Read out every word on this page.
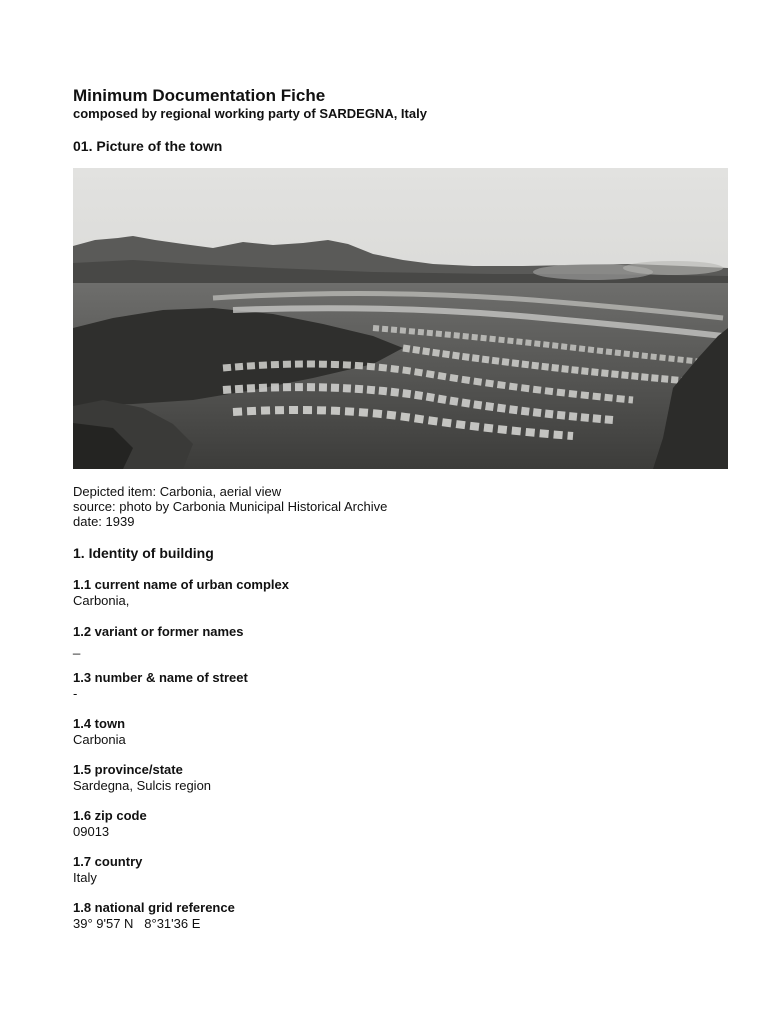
Minimum Documentation Fiche
composed by regional working party of SARDEGNA, Italy
01. Picture of the town
Depicted item: Carbonia, aerial view
source: photo by Carbonia Municipal Historical Archive
date: 1939
1. Identity of building
1.1 current name of urban complex
Carbonia,
1.2 variant or former names
_
1.3 number & name of street
-
1.4 town
Carbonia
1.5 province/state
Sardegna, Sulcis region
1.6 zip code
09013
1.7 country
Italy
1.8 national grid reference
39° 9'57 N   8°31'36 E
